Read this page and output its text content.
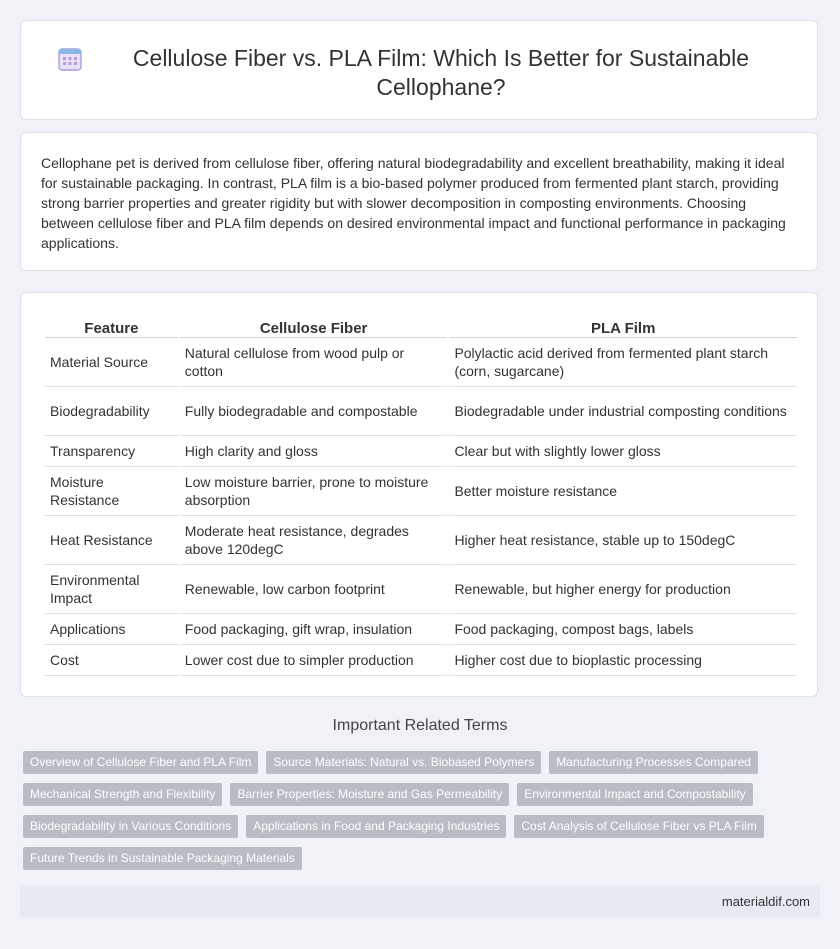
Cellulose Fiber vs. PLA Film: Which Is Better for Sustainable Cellophane?

Cellophane pet is derived from cellulose fiber, offering natural biodegradability and excellent breathability, making it ideal for sustainable packaging. In contrast, PLA film is a bio-based polymer produced from fermented plant starch, providing strong barrier properties and greater rigidity but with slower decomposition in composting environments. Choosing between cellulose fiber and PLA film depends on desired environmental impact and functional performance in packaging applications.

Feature	Cellulose Fiber	PLA Film
Material Source	Natural cellulose from wood pulp or cotton	Polylactic acid derived from fermented plant starch (corn, sugarcane)
Biodegradability	Fully biodegradable and compostable	Biodegradable under industrial composting conditions
Transparency	High clarity and gloss	Clear but with slightly lower gloss
Moisture Resistance	Low moisture barrier, prone to moisture absorption	Better moisture resistance
Heat Resistance	Moderate heat resistance, degrades above 120degC	Higher heat resistance, stable up to 150degC
Environmental Impact	Renewable, low carbon footprint	Renewable, but higher energy for production
Applications	Food packaging, gift wrap, insulation	Food packaging, compost bags, labels
Cost	Lower cost due to simpler production	Higher cost due to bioplastic processing
Important Related Terms
Overview of Cellulose Fiber and PLA Film	Source Materials: Natural vs. Biobased Polymers	Manufacturing Processes Compared
Mechanical Strength and Flexibility	Barrier Properties: Moisture and Gas Permeability	Environmental Impact and Compostability
Biodegradability in Various Conditions	Applications in Food and Packaging Industries	Cost Analysis of Cellulose Fiber vs PLA Film
Future Trends in Sustainable Packaging Materials
materialdif.com
